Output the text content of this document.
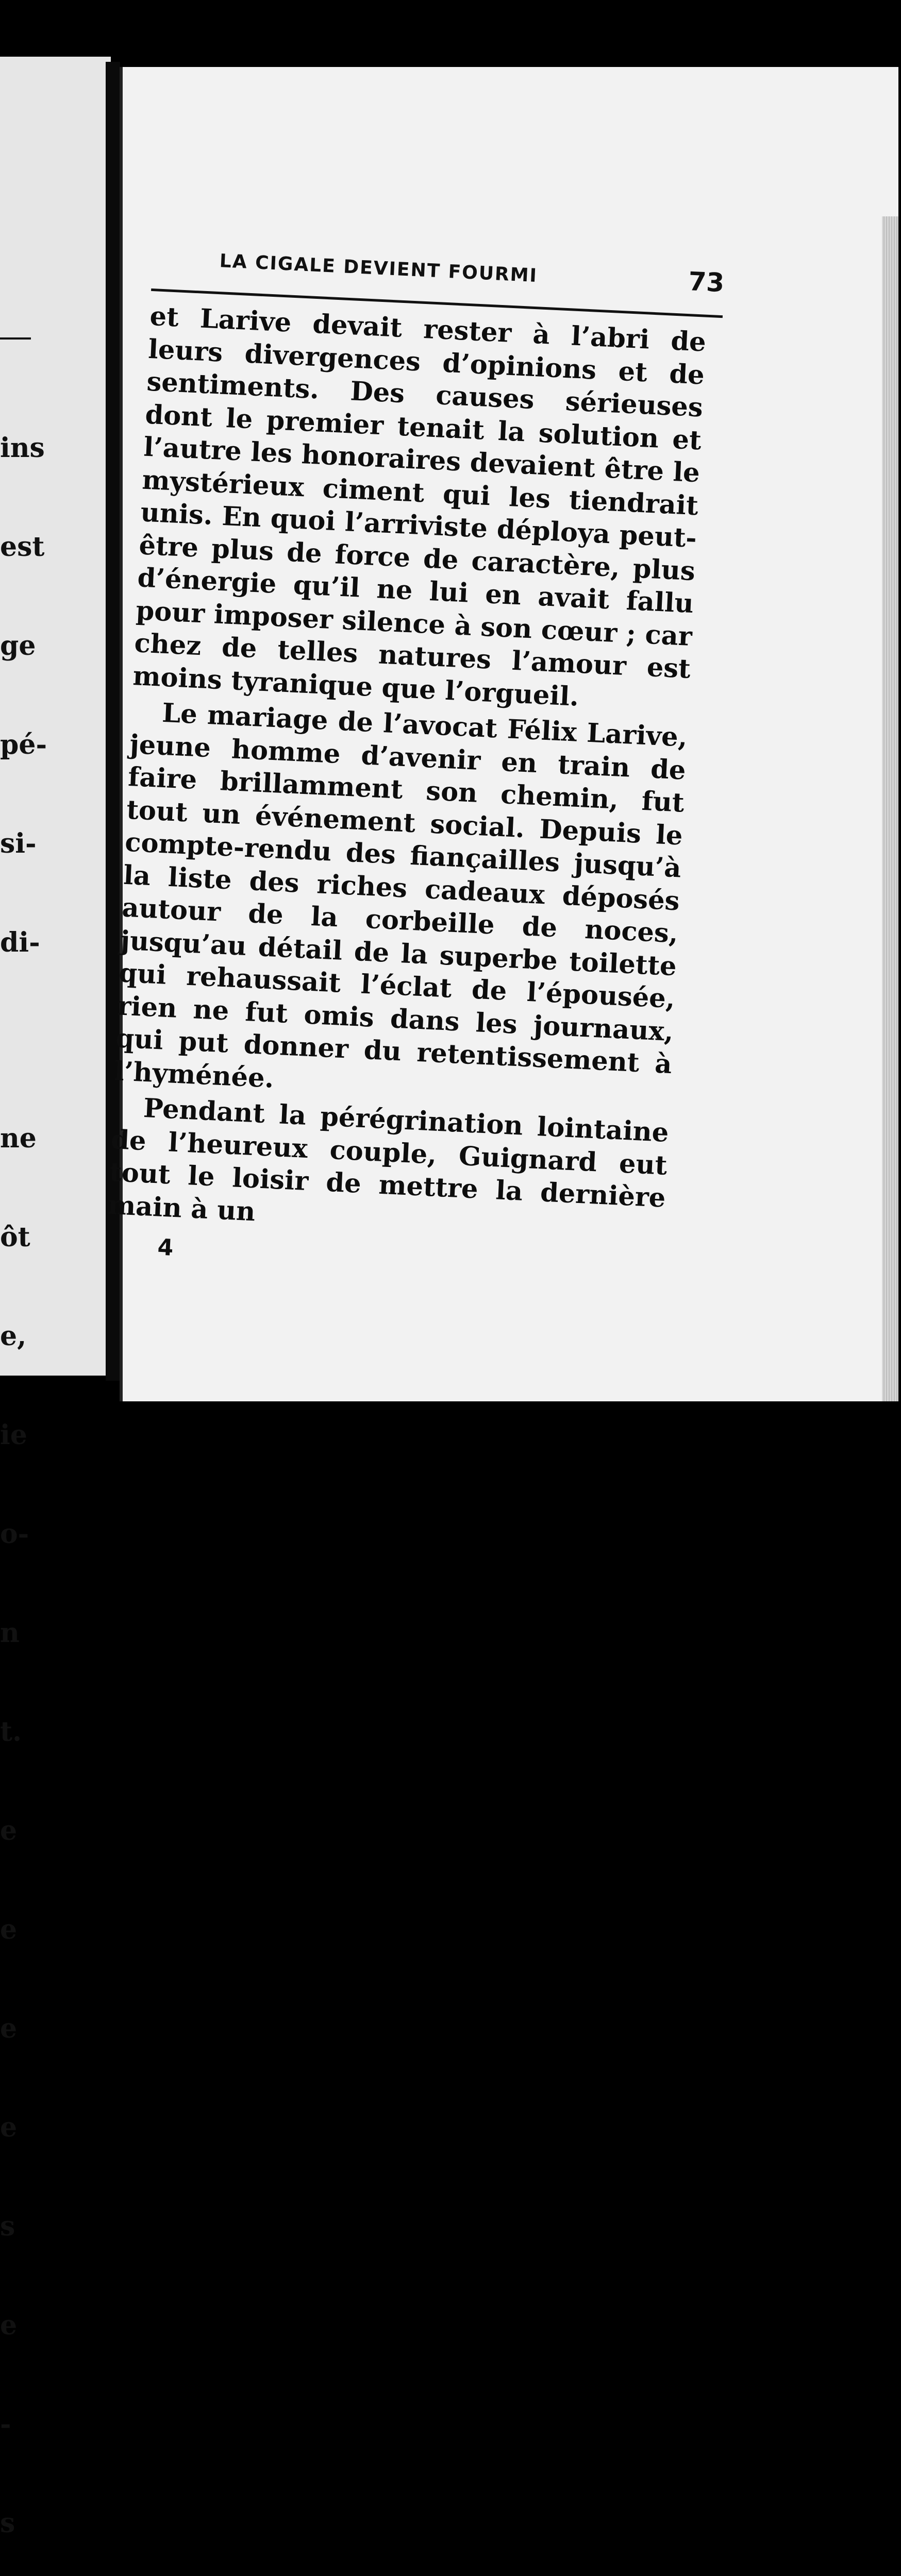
ins

est

ge

pé-

si-

di-

ne

ôt

e,

ie

o-

n

t.

e

e

e

e

s

e

-

s

LA CIGALE DEVIENT FOURMI	73

et Larive devait rester à l’abri de leurs divergences d’opinions et de sentiments. Des causes sérieuses dont le premier tenait la solution et l’autre les honoraires devaient être le mystérieux ciment qui les tiendrait unis. En quoi l’arriviste déploya peut-être plus de force de caractère, plus d’énergie qu’il ne lui en avait fallu pour imposer silence à son cœur ; car chez de telles natures l’amour est moins tyranique que l’orgueil.

Le mariage de l’avocat Félix Larive, jeune homme d’avenir en train de faire brillamment son chemin, fut tout un événement social. Depuis le compte-rendu des fiançailles jusqu’à la liste des riches cadeaux déposés autour de la corbeille de noces, jusqu’au détail de la superbe toilette qui rehaussait l’éclat de l’épousée, rien ne fut omis dans les journaux, qui put donner du retentissement à l’hyménée.

Pendant la pérégrination lointaine de l’heureux couple, Guignard eut tout le loisir de mettre la dernière main à un

4
